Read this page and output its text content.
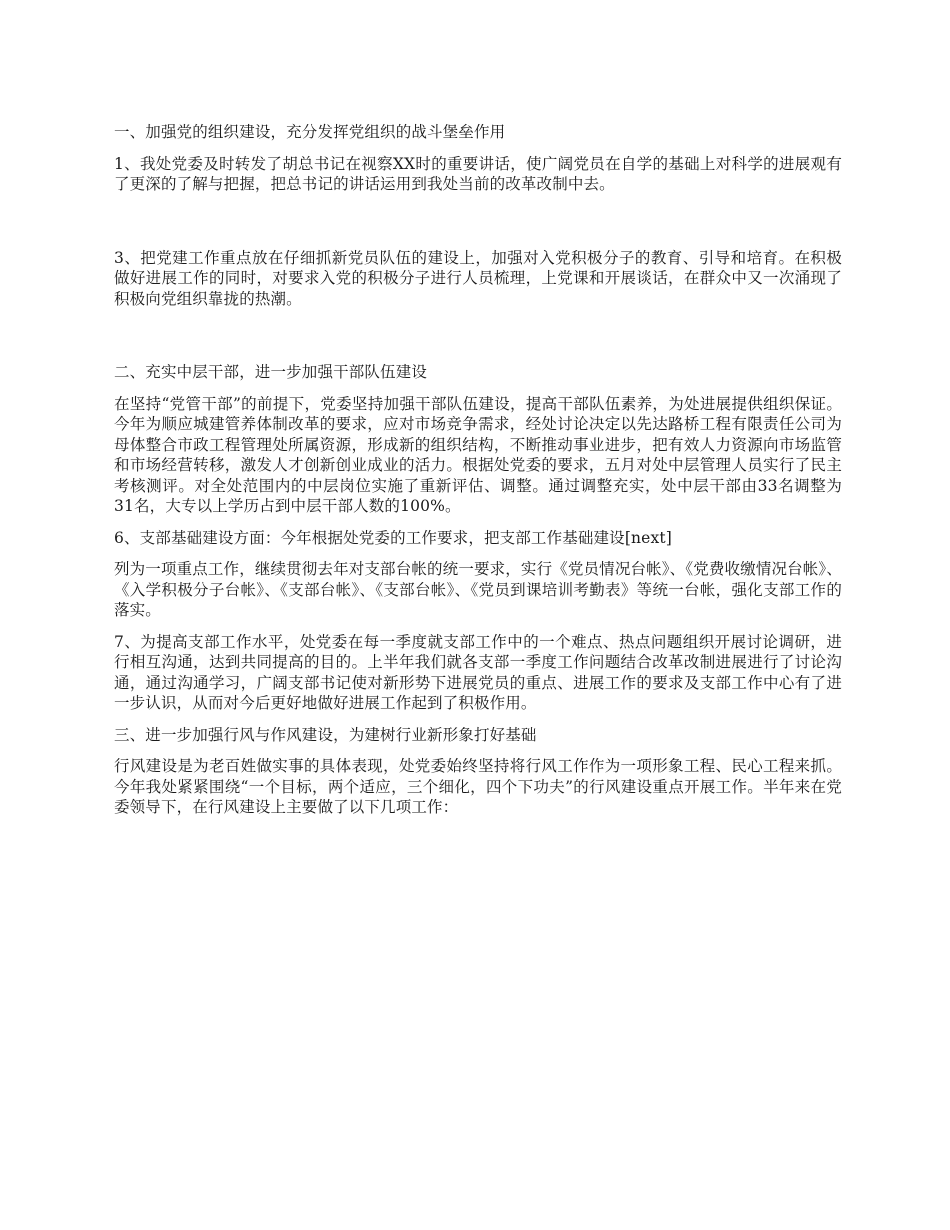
一、加强党的组织建设，充分发挥党组织的战斗堡垒作用

1、我处党委及时转发了胡总书记在视察XX时的重要讲话，使广阔党员在自学的基础上对科学的进展观有了更深的了解与把握，把总书记的讲话运用到我处当前的改革改制中去。

3、把党建工作重点放在仔细抓新党员队伍的建设上，加强对入党积极分子的教育、引导和培育。在积极做好进展工作的同时，对要求入党的积极分子进行人员梳理，上党课和开展谈话，在群众中又一次涌现了积极向党组织靠拢的热潮。

二、充实中层干部，进一步加强干部队伍建设

在坚持“党管干部”的前提下，党委坚持加强干部队伍建设，提高干部队伍素养，为处进展提供组织保证。今年为顺应城建管养体制改革的要求，应对市场竞争需求，经处讨论决定以先达路桥工程有限责任公司为母体整合市政工程管理处所属资源，形成新的组织结构，不断推动事业进步，把有效人力资源向市场监管和市场经营转移，激发人才创新创业成业的活力。根据处党委的要求，五月对处中层管理人员实行了民主考核测评。对全处范围内的中层岗位实施了重新评估、调整。通过调整充实，处中层干部由33名调整为31名，大专以上学历占到中层干部人数的100%。

6、支部基础建设方面：今年根据处党委的工作要求，把支部工作基础建设[next]

列为一项重点工作，继续贯彻去年对支部台帐的统一要求，实行《党员情况台帐》、《党费收缴情况台帐》、《入学积极分子台帐》、《支部台帐》、《支部台帐》、《党员到课培训考勤表》等统一台帐，强化支部工作的落实。

7、为提高支部工作水平，处党委在每一季度就支部工作中的一个难点、热点问题组织开展讨论调研，进行相互沟通，达到共同提高的目的。上半年我们就各支部一季度工作问题结合改革改制进展进行了讨论沟通，通过沟通学习，广阔支部书记使对新形势下进展党员的重点、进展工作的要求及支部工作中心有了进一步认识，从而对今后更好地做好进展工作起到了积极作用。

三、进一步加强行风与作风建设，为建树行业新形象打好基础

行风建设是为老百姓做实事的具体表现，处党委始终坚持将行风工作作为一项形象工程、民心工程来抓。今年我处紧紧围绕“一个目标，两个适应，三个细化，四个下功夫”的行风建设重点开展工作。半年来在党委领导下，在行风建设上主要做了以下几项工作：
